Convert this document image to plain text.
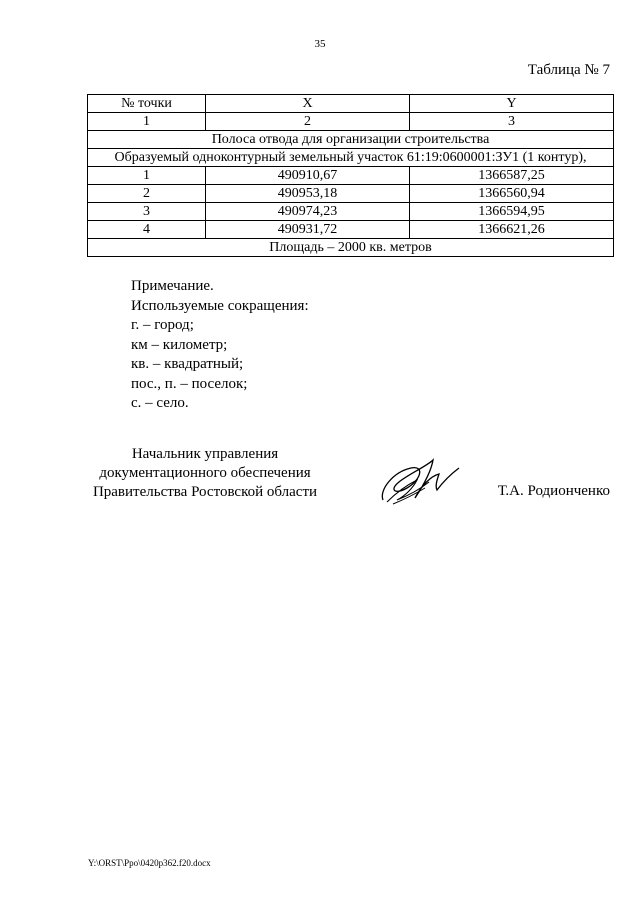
35
Таблица № 7
№ точки	X	Y
1	2	3
Полоса отвода для организации строительства		
Образуемый одноконтурный земельный участок 61:19:0600001:ЗУ1 (1 контур),		
1	490910,67	1366587,25
2	490953,18	1366560,94
3	490974,23	1366594,95
4	490931,72	1366621,26
Площадь – 2000 кв. метров		
Примечание.
Используемые сокращения:
г. – город;
км – километр;
кв. – квадратный;
пос., п. – поселок;
с. – село.
Начальник управления
документационного обеспечения
Правительства Ростовской области	Т.А. Родионченко
Y:\ORST\Ppo\0420p362.f20.docx
